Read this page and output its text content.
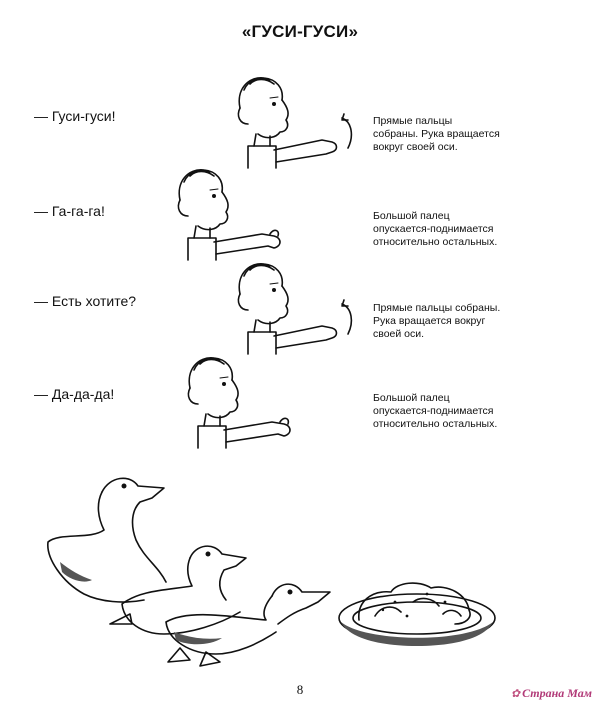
«ГУСИ-ГУСИ»
— Гуси-гуси!	Прямые пальцы
собраны. Рука вращается
вокруг своей оси.
— Га-га-га!	Большой палец
опускается-поднимается
относительно остальных.
— Есть хотите?	Прямые пальцы собраны.
Рука вращается вокруг
своей оси.
— Да-да-да!	Большой палец
опускается-поднимается
относительно остальных.
8	✿ Страна Мам
